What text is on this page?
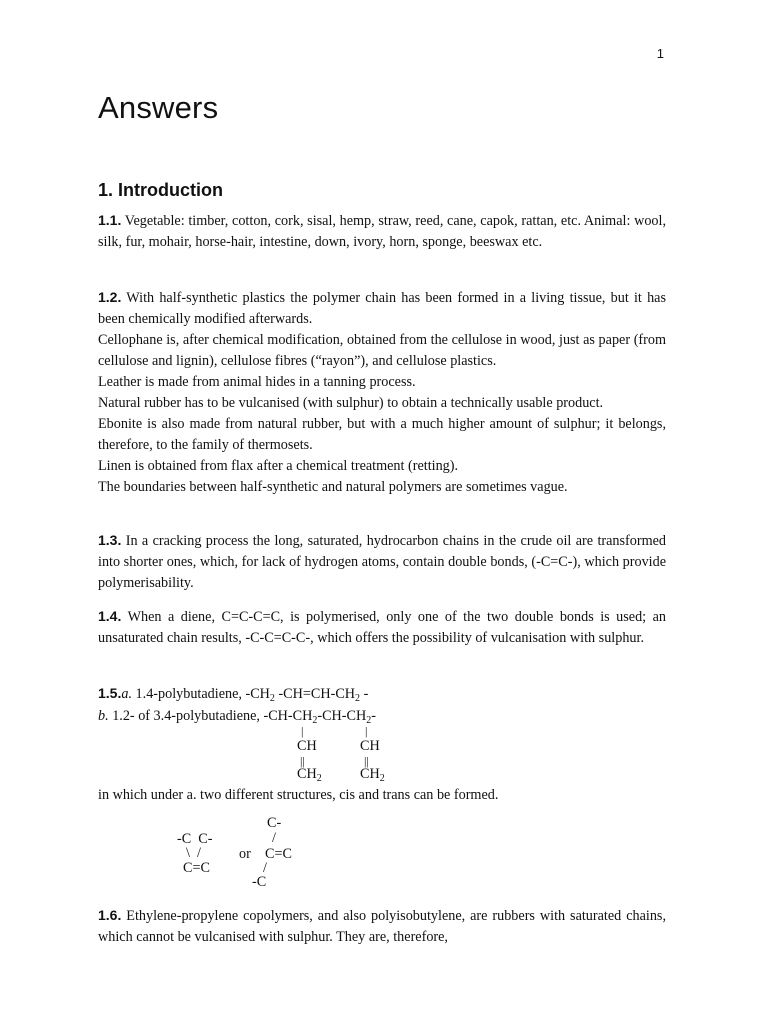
1
Answers
1. Introduction

1.1. Vegetable: timber, cotton, cork, sisal, hemp, straw, reed, cane, capok, rattan, etc. Animal: wool, silk, fur, mohair, horse-hair, intestine, down, ivory, horn, sponge, beeswax etc.

1.2. With half-synthetic plastics the polymer chain has been formed in a living tissue, but it has been chemically modified afterwards.

Cellophane is, after chemical modification, obtained from the cellulose in wood, just as paper (from cellulose and lignin), cellulose fibres (“rayon”), and cellulose plastics.

Leather is made from animal hides in a tanning process.

Natural rubber has to be vulcanised (with sulphur) to obtain a technically usable product.

Ebonite is also made from natural rubber, but with a much higher amount of sulphur; it belongs, therefore, to the family of thermosets.

Linen is obtained from flax after a chemical treatment (retting).

The boundaries between half-synthetic and natural polymers are sometimes vague.

1.3. In a cracking process the long, saturated, hydrocarbon chains in the crude oil are transformed into shorter ones, which, for lack of hydrogen atoms, contain double bonds, (-C=C-), which provide polymerisability.

1.4. When a diene, C=C-C=C, is polymerised, only one of the two double bonds is used; an unsaturated chain results, -C-C=C-C-, which offers the possibility of vulcanisation with sulphur.

1.5.a. 1.4-polybutadiene, $-CH_2$ $-CH=CH-CH_2$ -
b. 1.2- of 3.4-polybutadiene, $-CH-CH_2-CH-CH_2-$
|	|
CH	CH
||	||
$CH_2$	$CH_2$
in which under a. two different structures, cis and trans can be formed.
-C  C-
\  /
C=C
or
C-
/
C=C
/
-C

1.6. Ethylene-propylene copolymers, and also polyisobutylene, are rubbers with saturated chains, which cannot be vulcanised with sulphur. They are, therefore,
